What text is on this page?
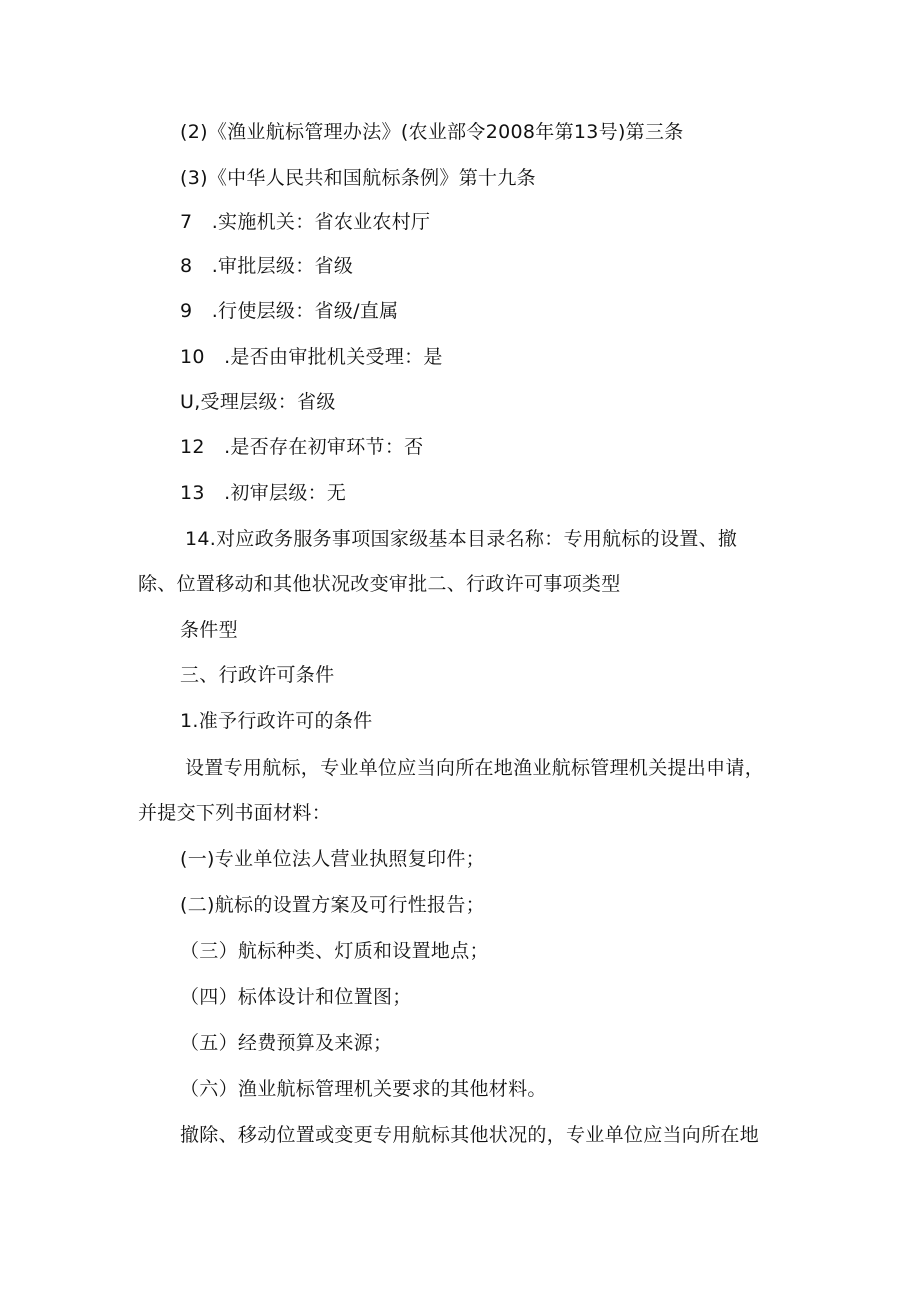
(2)《渔业航标管理办法》(农业部令2008年第13号)第三条
(3)《中华人民共和国航标条例》第十九条
7　.实施机关：省农业农村厅
8　.审批层级：省级
9　.行使层级：省级/直属
10　.是否由审批机关受理：是
U,受理层级：省级
12　.是否存在初审环节：否
13　.初审层级：无
14.对应政务服务事项国家级基本目录名称：专用航标的设置、撤
除、位置移动和其他状况改变审批二、行政许可事项类型
条件型
三、行政许可条件
1.准予行政许可的条件
设置专用航标，专业单位应当向所在地渔业航标管理机关提出申请，
并提交下列书面材料：
(一)专业单位法人营业执照复印件；
(二)航标的设置方案及可行性报告；
（三）航标种类、灯质和设置地点；
（四）标体设计和位置图；
（五）经费预算及来源；
（六）渔业航标管理机关要求的其他材料。
撤除、移动位置或变更专用航标其他状况的，专业单位应当向所在地
